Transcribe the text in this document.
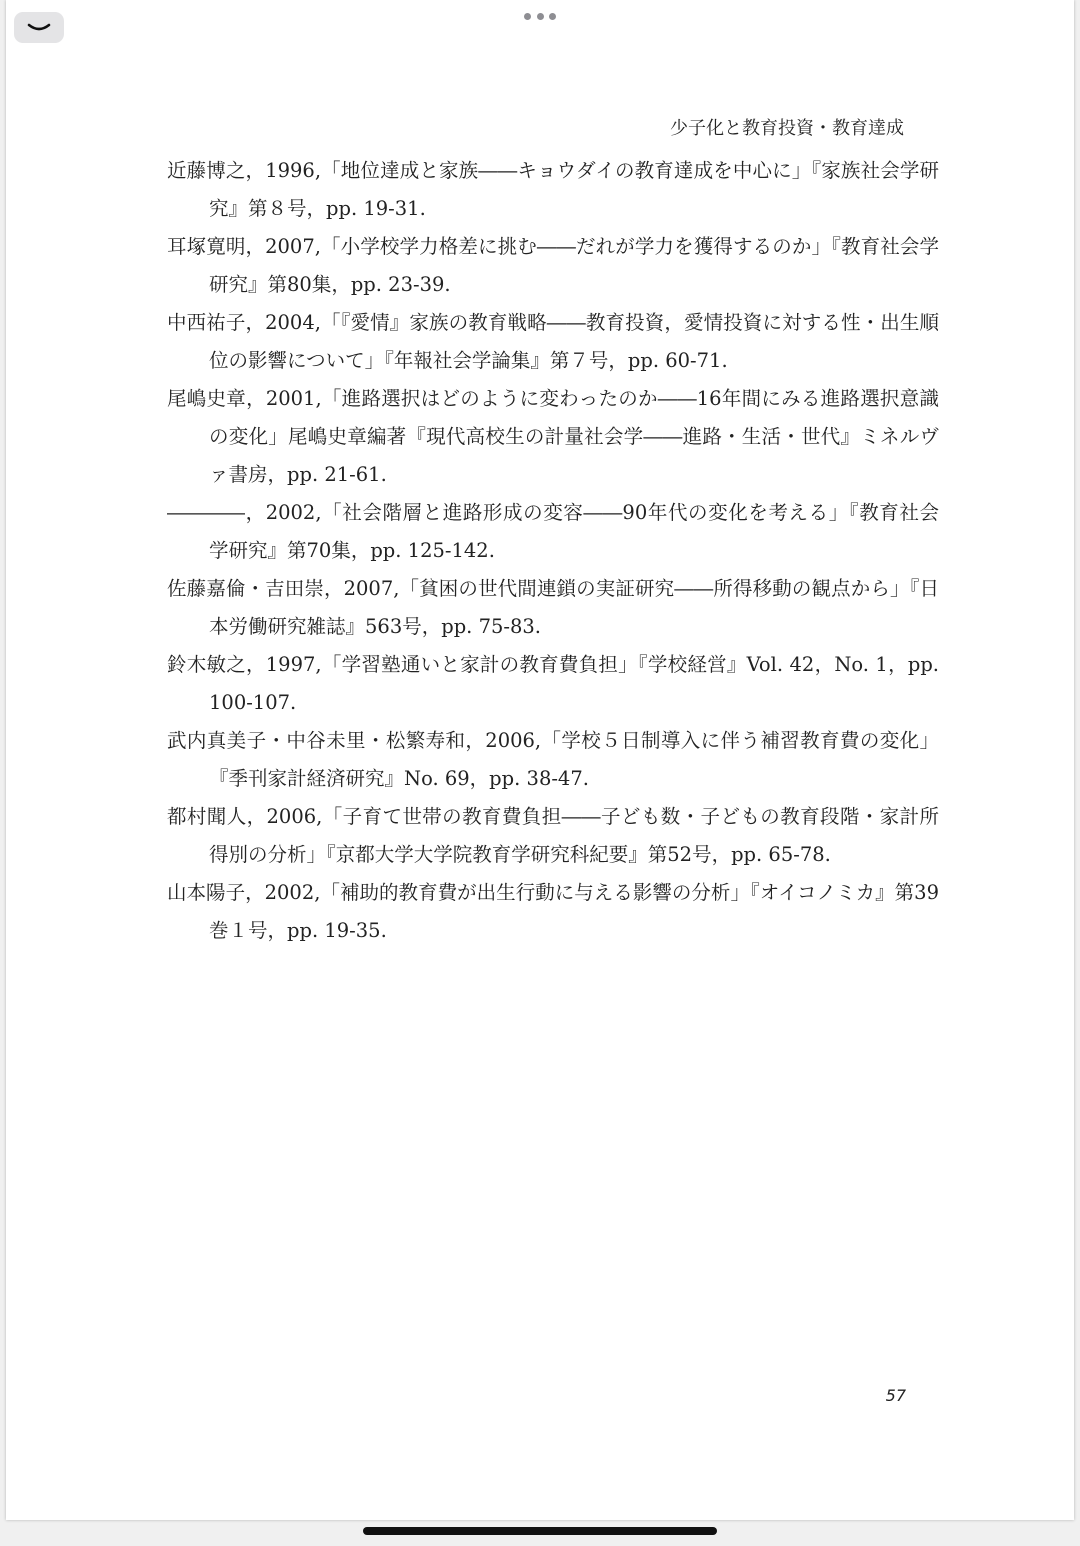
少子化と教育投資・教育達成
近藤博之，1996,「地位達成と家族――キョウダイの教育達成を中心に」『家族社会学研究』第８号，pp. 19-31.
耳塚寛明，2007,「小学校学力格差に挑む――だれが学力を獲得するのか」『教育社会学研究』第80集，pp. 23-39.
中西祐子，2004,「『愛情』家族の教育戦略――教育投資，愛情投資に対する性・出生順位の影響について」『年報社会学論集』第７号，pp. 60-71.
尾嶋史章，2001,「進路選択はどのように変わったのか――16年間にみる進路選択意識の変化」尾嶋史章編著『現代高校生の計量社会学――進路・生活・世代』ミネルヴァ書房，pp. 21-61.
――――，2002,「社会階層と進路形成の変容――90年代の変化を考える」『教育社会学研究』第70集，pp. 125-142.
佐藤嘉倫・吉田崇，2007,「貧困の世代間連鎖の実証研究――所得移動の観点から」『日本労働研究雑誌』563号，pp. 75-83.
鈴木敏之，1997,「学習塾通いと家計の教育費負担」『学校経営』Vol. 42，No. 1，pp. 100-107.
武内真美子・中谷未里・松繁寿和，2006,「学校５日制導入に伴う補習教育費の変化」『季刊家計経済研究』No. 69，pp. 38-47.
都村聞人，2006,「子育て世帯の教育費負担――子ども数・子どもの教育段階・家計所得別の分析」『京都大学大学院教育学研究科紀要』第52号，pp. 65-78.
山本陽子，2002,「補助的教育費が出生行動に与える影響の分析」『オイコノミカ』第39巻１号，pp. 19-35.
57
